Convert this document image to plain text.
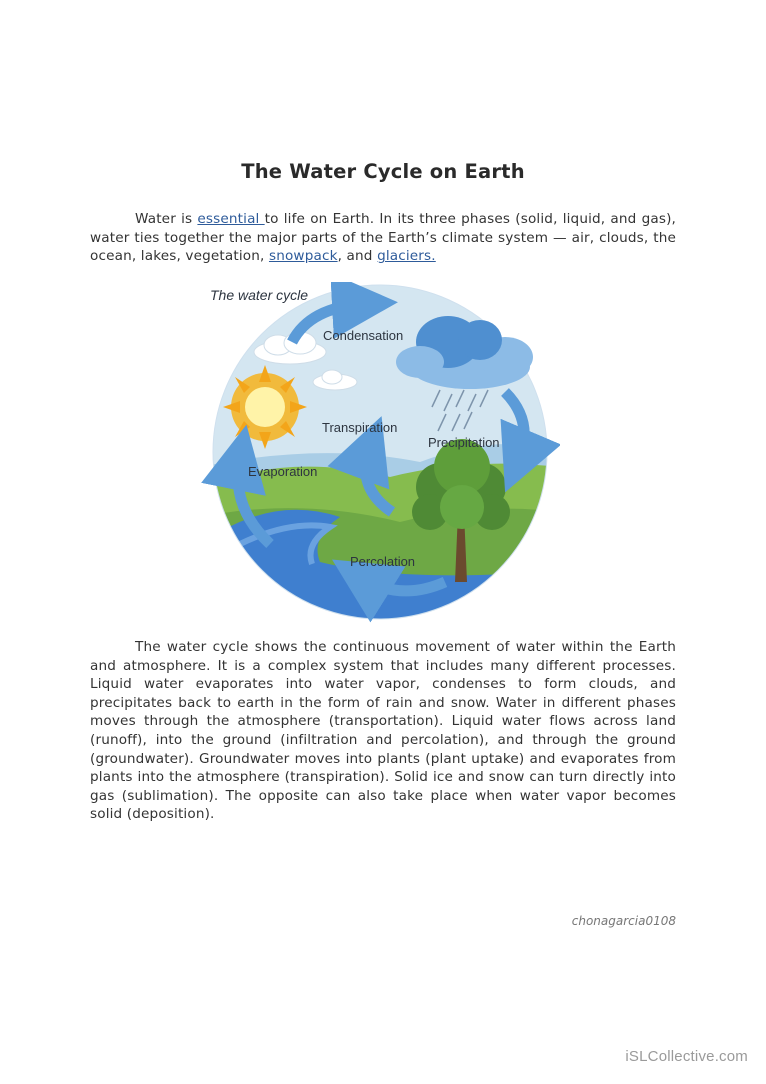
The Water Cycle on Earth
Water is essential to life on Earth. In its three phases (solid, liquid, and gas), water ties together the major parts of the Earth’s climate system — air, clouds, the ocean, lakes, vegetation, snowpack, and glaciers.
The water cycle
Condensation
Transpiration
Precipitation
Evaporation
Percolation
The water cycle shows the continuous movement of water within the Earth and atmosphere. It is a complex system that includes many different processes. Liquid water evaporates into water vapor, condenses to form clouds, and precipitates back to earth in the form of rain and snow. Water in different phases moves through the atmosphere (transportation). Liquid water flows across land (runoff), into the ground (infiltration and percolation), and through the ground (groundwater). Groundwater moves into plants (plant uptake) and evaporates from plants into the atmosphere (transpiration). Solid ice and snow can turn directly into gas (sublimation). The opposite can also take place when water vapor becomes solid (deposition).
chonagarcia0108
iSLCollective.com
